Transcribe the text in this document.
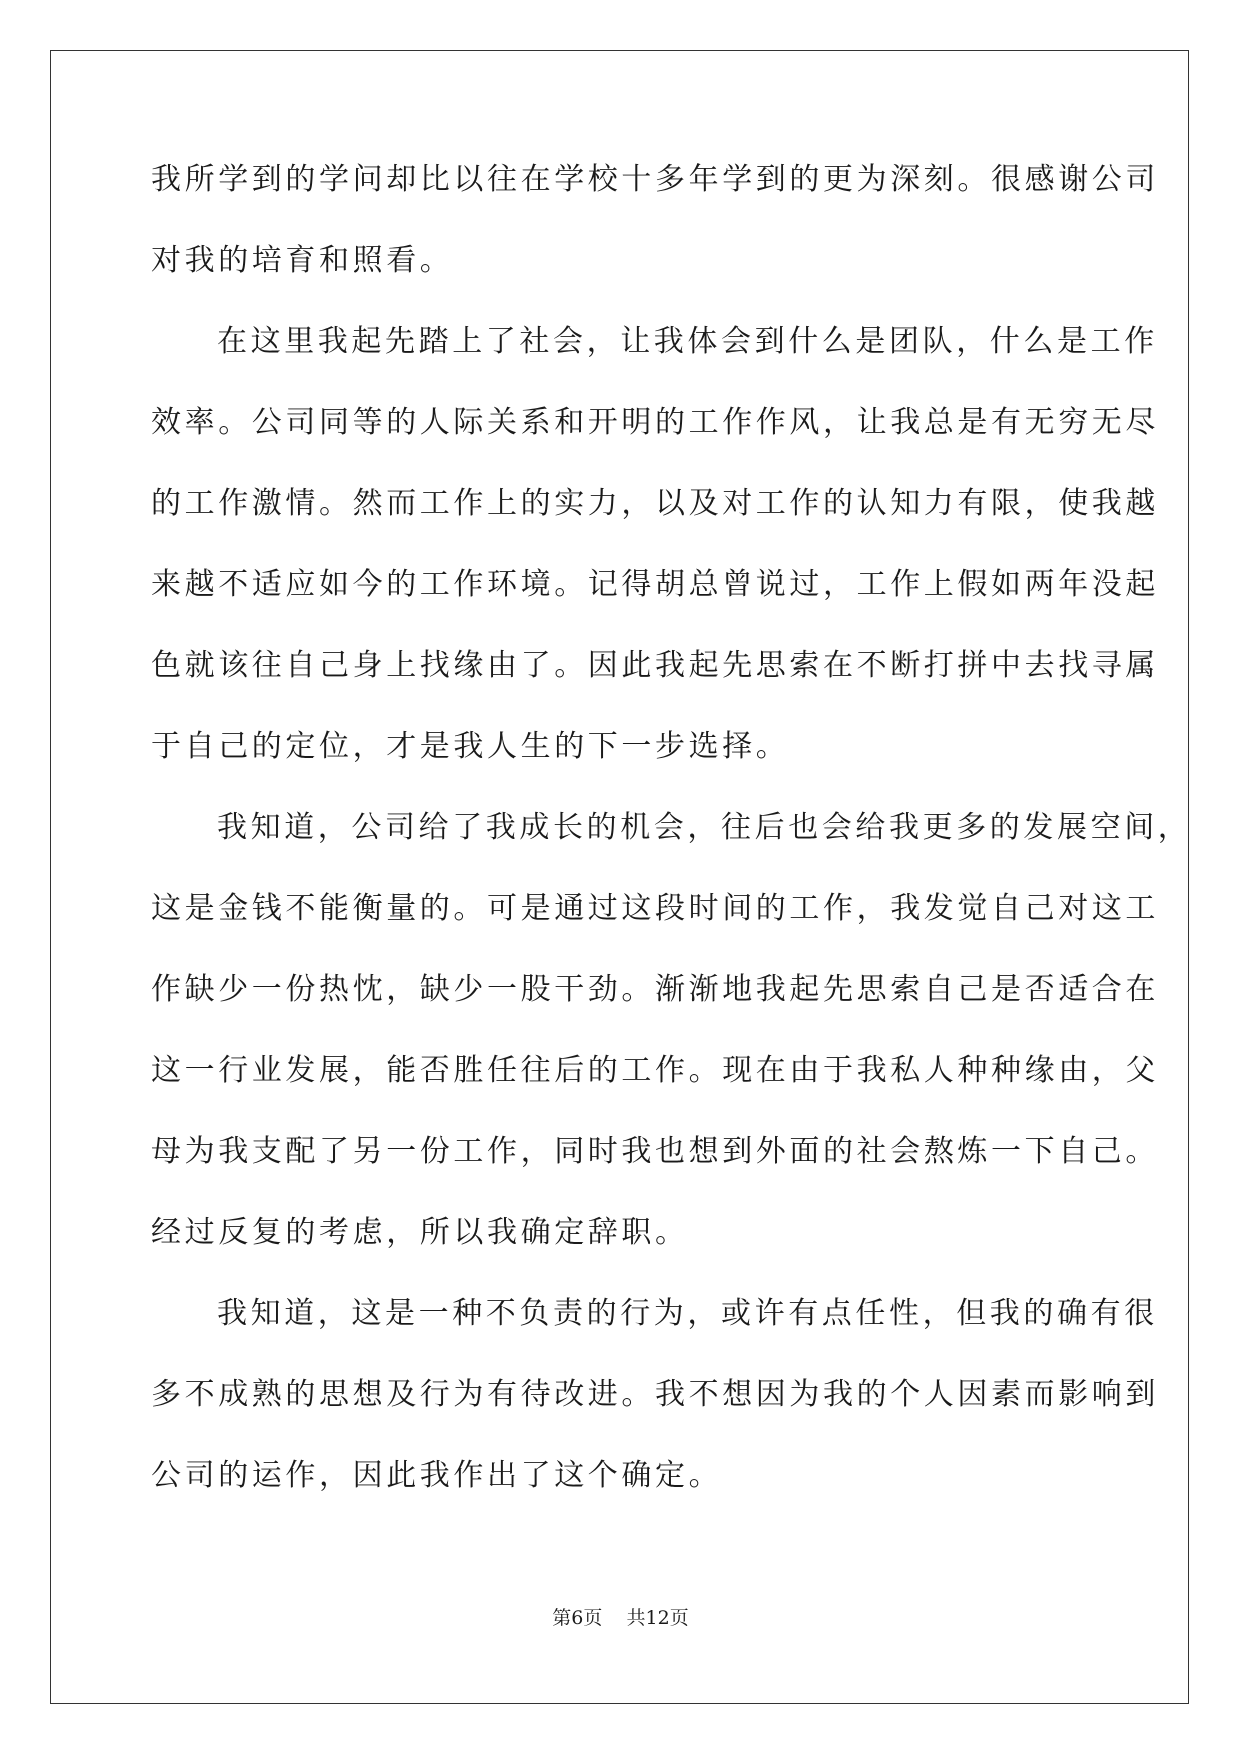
我所学到的学问却比以往在学校十多年学到的更为深刻。很感谢公司
对我的培育和照看。
在这里我起先踏上了社会，让我体会到什么是团队，什么是工作
效率。公司同等的人际关系和开明的工作作风，让我总是有无穷无尽
的工作激情。然而工作上的实力，以及对工作的认知力有限，使我越
来越不适应如今的工作环境。记得胡总曾说过，工作上假如两年没起
色就该往自己身上找缘由了。因此我起先思索在不断打拼中去找寻属
于自己的定位，才是我人生的下一步选择。
我知道，公司给了我成长的机会，往后也会给我更多的发展空间，
这是金钱不能衡量的。可是通过这段时间的工作，我发觉自己对这工
作缺少一份热忱，缺少一股干劲。渐渐地我起先思索自己是否适合在
这一行业发展，能否胜任往后的工作。现在由于我私人种种缘由，父
母为我支配了另一份工作，同时我也想到外面的社会熬炼一下自己。
经过反复的考虑，所以我确定辞职。
我知道，这是一种不负责的行为，或许有点任性，但我的确有很
多不成熟的思想及行为有待改进。我不想因为我的个人因素而影响到
公司的运作，因此我作出了这个确定。
第6页 共12页
